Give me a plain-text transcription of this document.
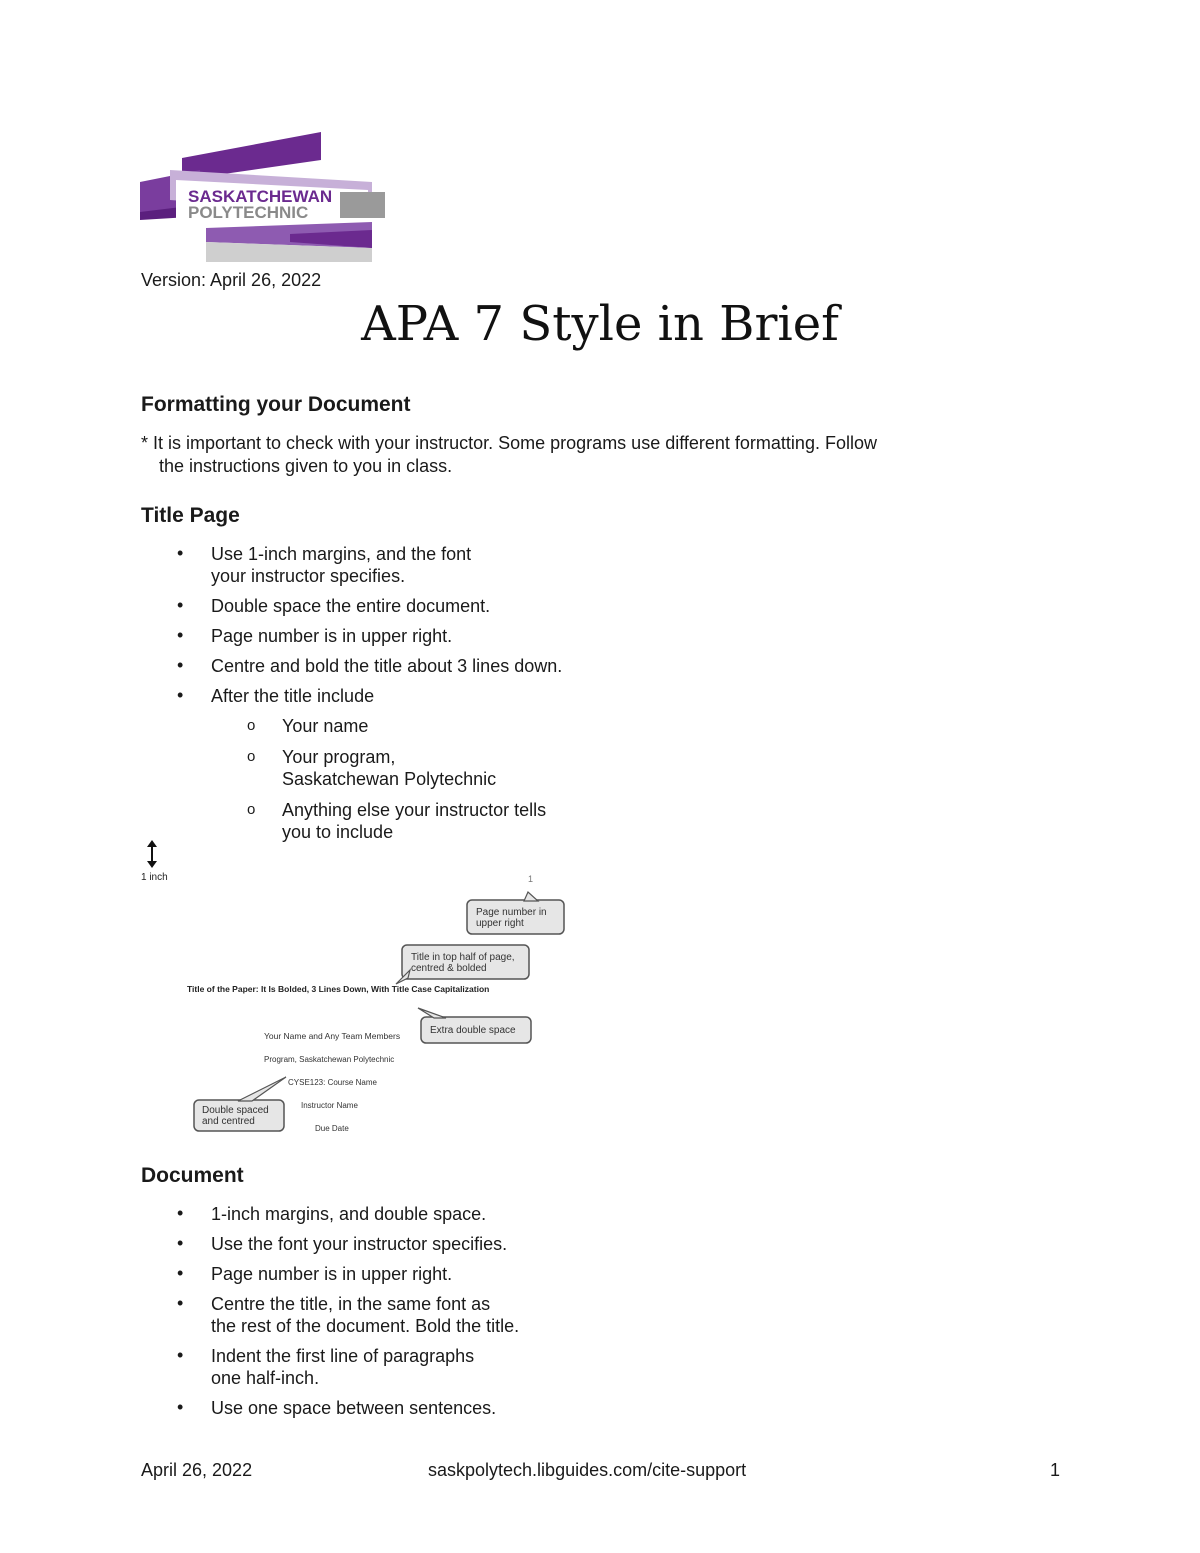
SASKATCHEWAN
POLYTECHNIC
Version: April 26, 2022
APA 7 Style in Brief
Formatting your Document
* It is important to check with your instructor. Some programs use different formatting. Follow
the instructions given to you in class.
Title Page
• Use 1-inch margins, and the font
your instructor specifies.
• Double space the entire document.
• Page number is in upper right.
• Centre and bold the title about 3 lines down.
•	After the title include
o Your name
o Your program,
Saskatchewan Polytechnic
o Anything else your instructor tells
you to include
1 inch	1
Page number in
upper right
Title in top half of page,
centred & bolded
Title of the Paper: It Is Bolded, 3 Lines Down, With Title Case Capitalization
Extra double space
Your Name and Any Team Members
Program, Saskatchewan Polytechnic
CYSE123: Course Name
Instructor Name
Due Date
Double spaced
and centred
Document
• 1-inch margins, and double space.
• Use the font your instructor specifies.
• Page number is in upper right.
• Centre the title, in the same font as
the rest of the document. Bold the title.
• Indent the first line of paragraphs
one half-inch.
• Use one space between sentences.
April 26, 2022	saskpolytech.libguides.com/cite-support	1
